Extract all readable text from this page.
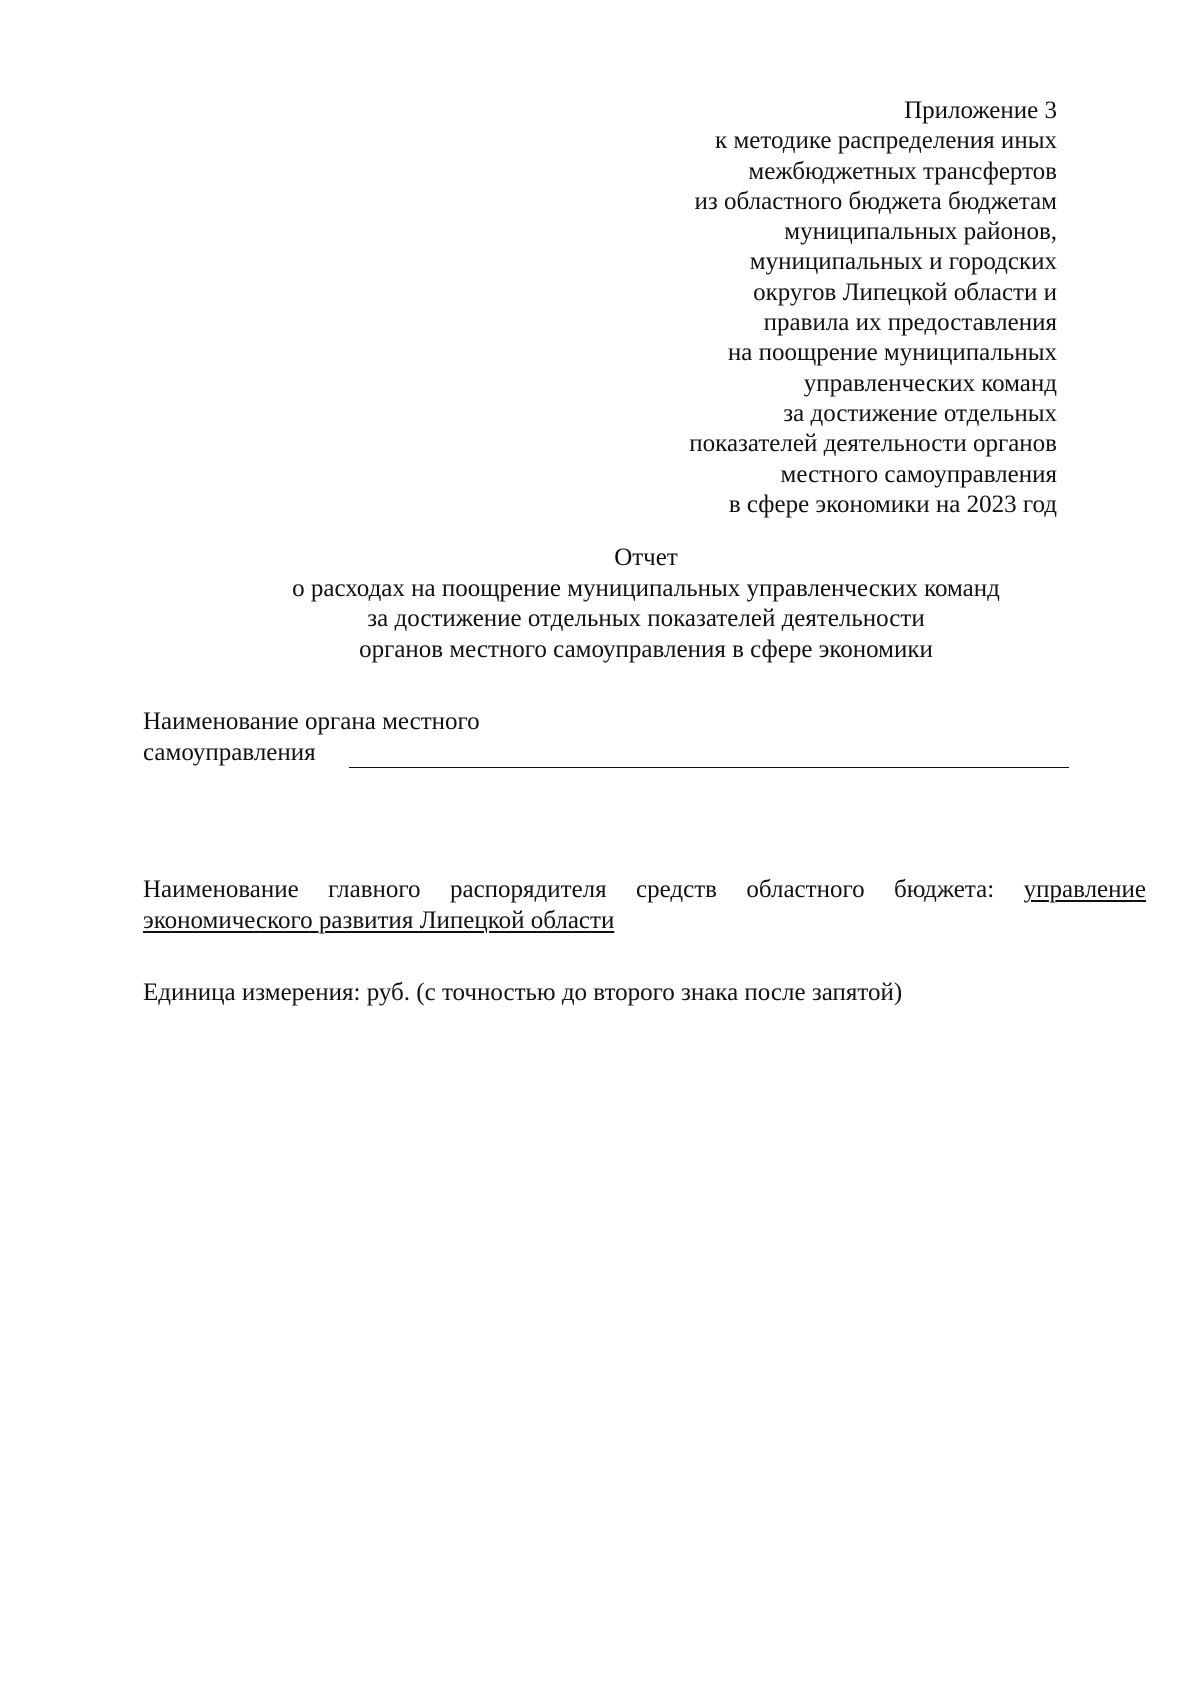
Приложение 3
к методике распределения иных
межбюджетных трансфертов
из областного бюджета бюджетам
муниципальных районов,
муниципальных и городских
округов Липецкой области и
правила их предоставления
на поощрение муниципальных
управленческих команд
за достижение отдельных
показателей деятельности органов
местного самоуправления
в сфере экономики на 2023 год
Отчет
о расходах на поощрение муниципальных управленческих команд
за достижение отдельных показателей деятельности
органов местного самоуправления в сфере экономики
Наименование органа местного
самоуправления
Наименование главного распорядителя средств областного бюджета: управление экономического развития Липецкой области
Единица измерения: руб. (с точностью до второго знака после запятой)
